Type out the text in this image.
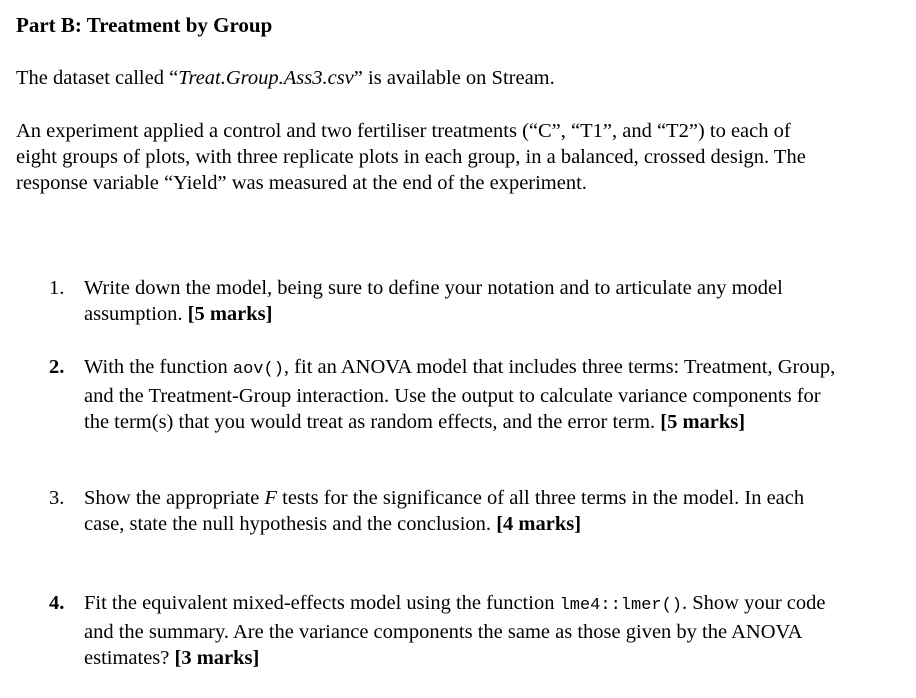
Part B: Treatment by Group
The dataset called “Treat.Group.Ass3.csv” is available on Stream.
An experiment applied a control and two fertiliser treatments (“C”, “T1”, and “T2”) to each of eight groups of plots, with three replicate plots in each group, in a balanced, crossed design. The response variable “Yield” was measured at the end of the experiment.
1. Write down the model, being sure to define your notation and to articulate any model assumption. [5 marks]
2. With the function aov(), fit an ANOVA model that includes three terms: Treatment, Group, and the Treatment-Group interaction. Use the output to calculate variance components for the term(s) that you would treat as random effects, and the error term. [5 marks]
3. Show the appropriate F tests for the significance of all three terms in the model. In each case, state the null hypothesis and the conclusion. [4 marks]
4. Fit the equivalent mixed-effects model using the function lme4::lmer(). Show your code and the summary. Are the variance components the same as those given by the ANOVA estimates? [3 marks]
